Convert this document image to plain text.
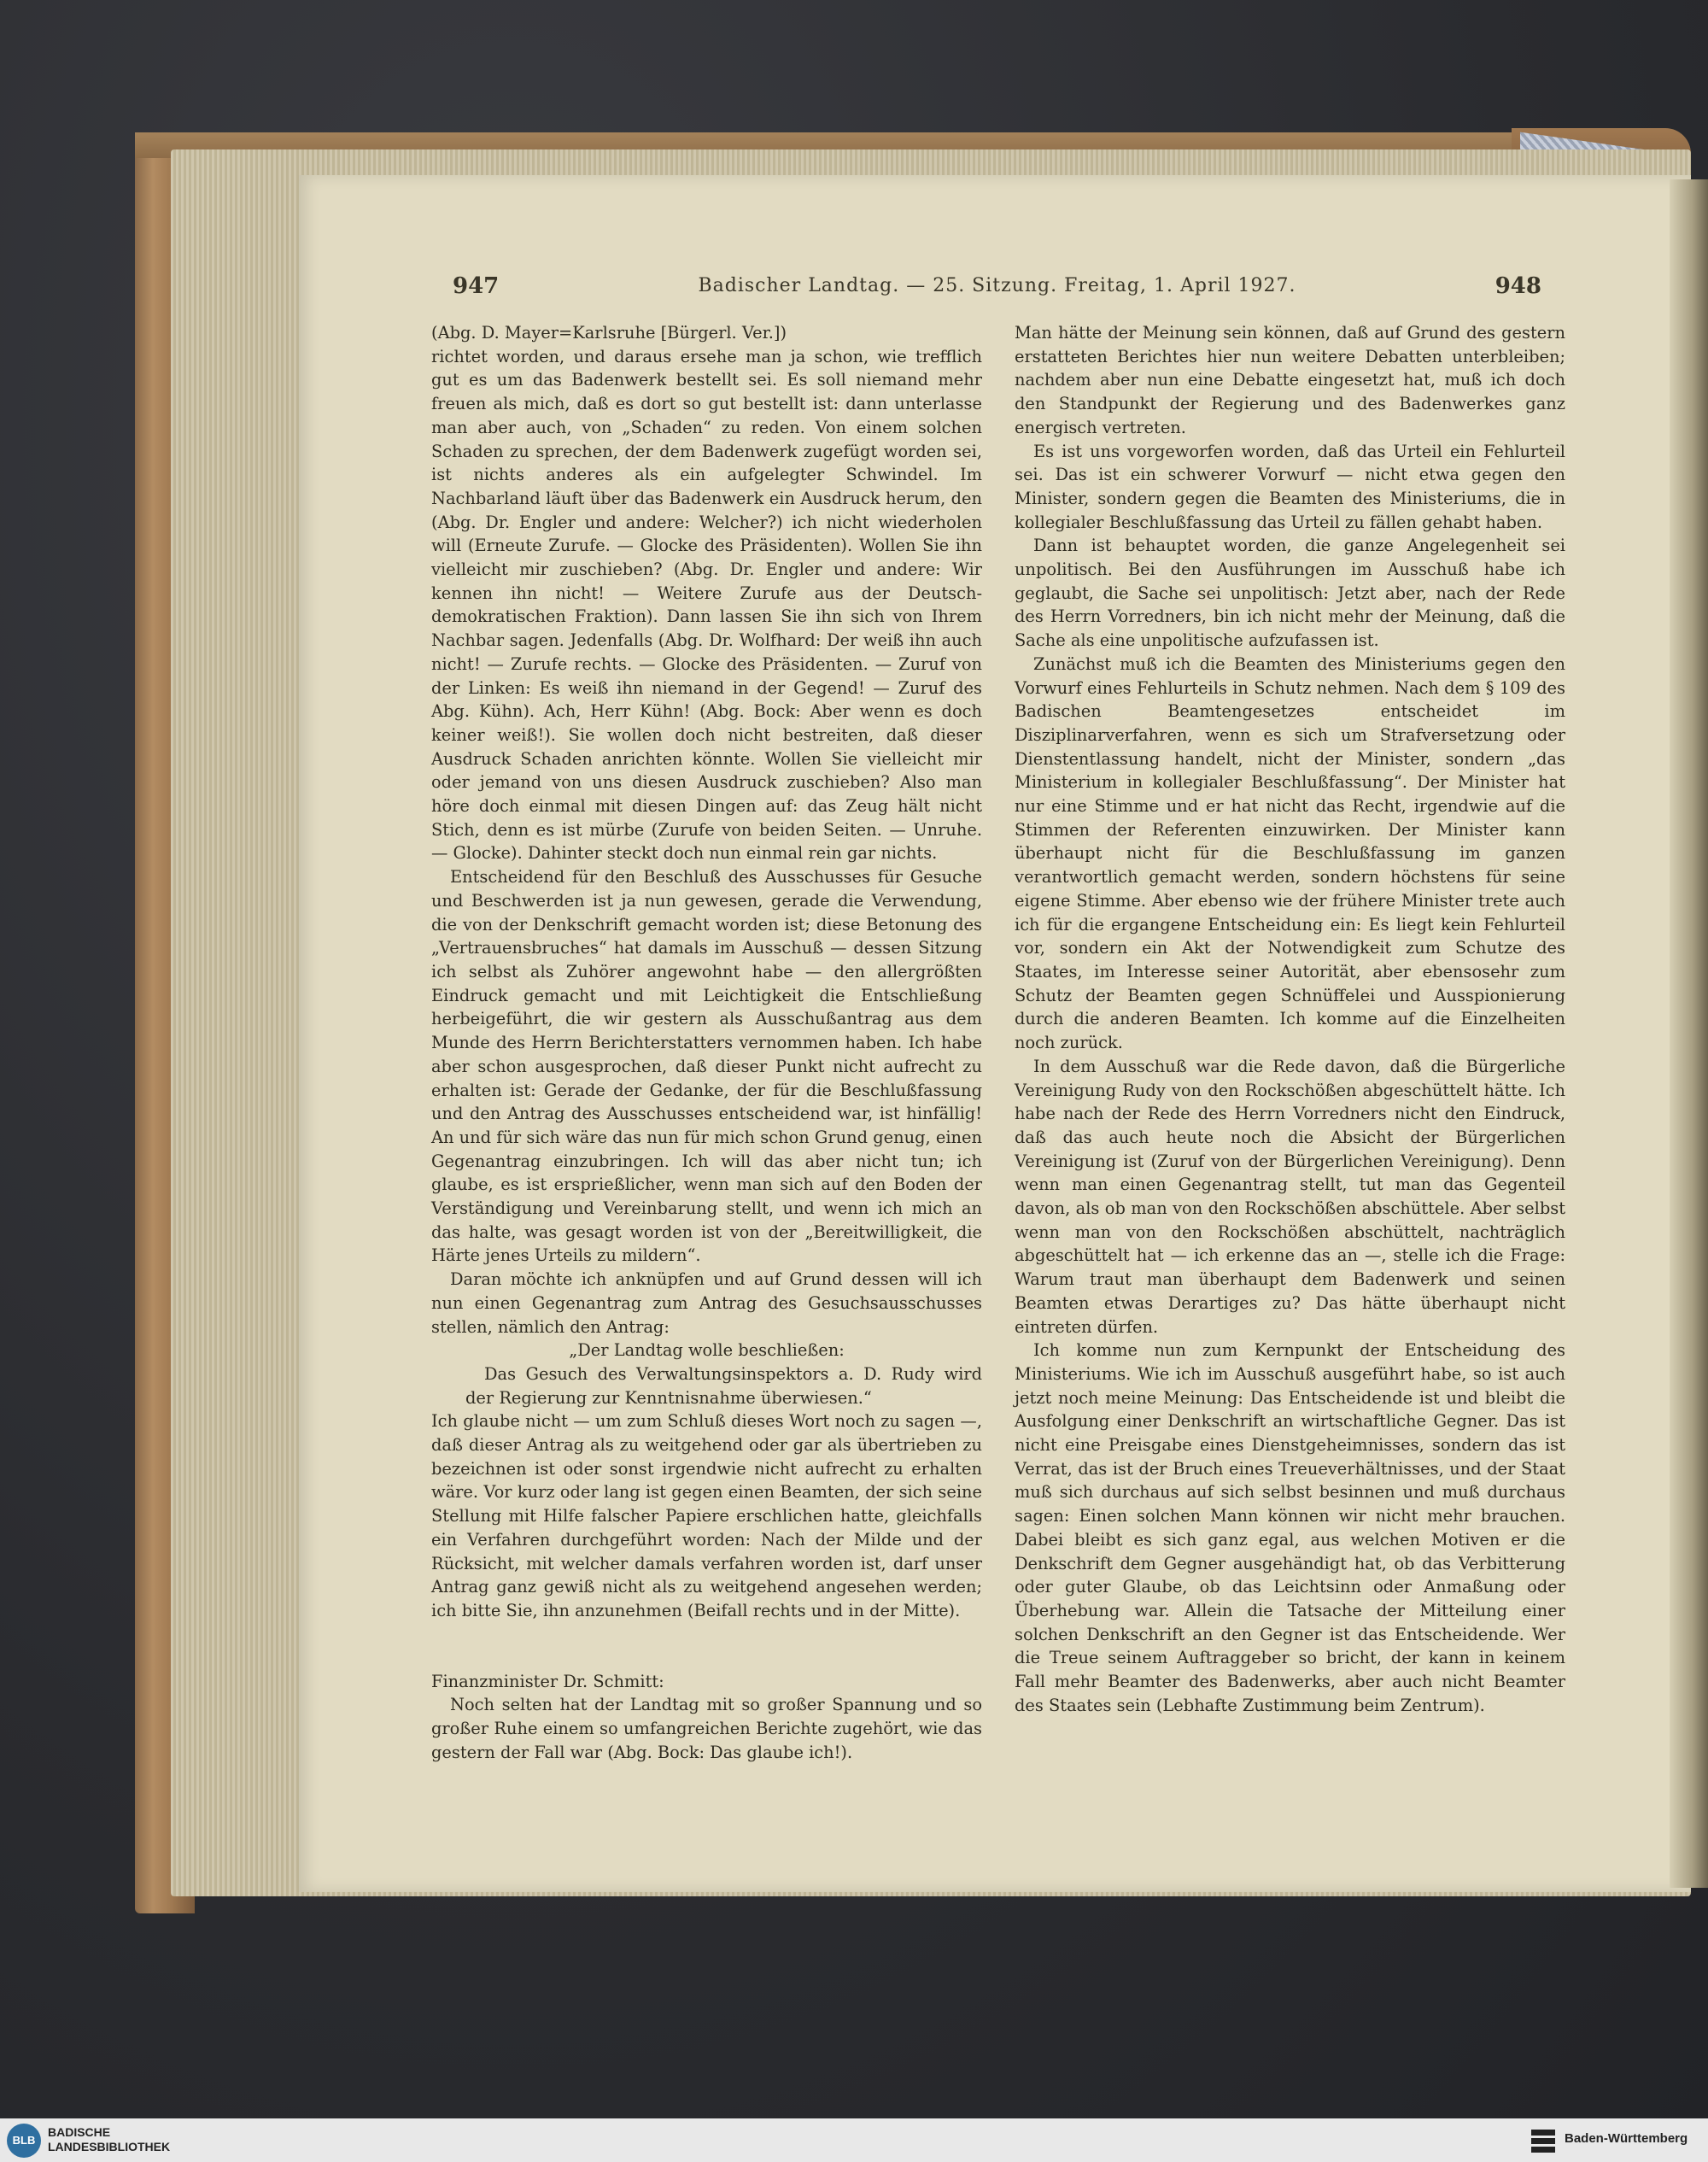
947	Badischer Landtag. — 25. Sitzung. Freitag, 1. April 1927.	948

(Abg. D. Mayer=Karlsruhe [Bürgerl. Ver.])

richtet worden, und daraus ersehe man ja schon, wie trefflich gut es um das Badenwerk bestellt sei. Es soll niemand mehr freuen als mich, daß es dort so gut bestellt ist: dann unterlasse man aber auch, von „Schaden“ zu reden. Von einem solchen Schaden zu sprechen, der dem Badenwerk zugefügt worden sei, ist nichts anderes als ein aufgelegter Schwindel. Im Nachbarland läuft über das Badenwerk ein Ausdruck herum, den (Abg. Dr. Engler und andere: Welcher?) ich nicht wiederholen will (Erneute Zurufe. — Glocke des Präsidenten). Wollen Sie ihn vielleicht mir zuschieben? (Abg. Dr. Engler und andere: Wir kennen ihn nicht! — Weitere Zurufe aus der Deutsch-demokratischen Fraktion). Dann lassen Sie ihn sich von Ihrem Nachbar sagen. Jedenfalls (Abg. Dr. Wolfhard: Der weiß ihn auch nicht! — Zurufe rechts. — Glocke des Präsidenten. — Zuruf von der Linken: Es weiß ihn niemand in der Gegend! — Zuruf des Abg. Kühn). Ach, Herr Kühn! (Abg. Bock: Aber wenn es doch keiner weiß!). Sie wollen doch nicht bestreiten, daß dieser Ausdruck Schaden anrichten könnte. Wollen Sie vielleicht mir oder jemand von uns diesen Ausdruck zuschieben? Also man höre doch einmal mit diesen Dingen auf: das Zeug hält nicht Stich, denn es ist mürbe (Zurufe von beiden Seiten. — Unruhe. — Glocke). Dahinter steckt doch nun einmal rein gar nichts.

Entscheidend für den Beschluß des Ausschusses für Gesuche und Beschwerden ist ja nun gewesen, gerade die Verwendung, die von der Denkschrift gemacht worden ist; diese Betonung des „Vertrauensbruches“ hat damals im Ausschuß — dessen Sitzung ich selbst als Zuhörer angewohnt habe — den allergrößten Eindruck gemacht und mit Leichtigkeit die Entschließung herbeigeführt, die wir gestern als Ausschußantrag aus dem Munde des Herrn Berichterstatters vernommen haben. Ich habe aber schon ausgesprochen, daß dieser Punkt nicht aufrecht zu erhalten ist: Gerade der Gedanke, der für die Beschlußfassung und den Antrag des Ausschusses entscheidend war, ist hinfällig! An und für sich wäre das nun für mich schon Grund genug, einen Gegenantrag einzubringen. Ich will das aber nicht tun; ich glaube, es ist ersprießlicher, wenn man sich auf den Boden der Verständigung und Vereinbarung stellt, und wenn ich mich an das halte, was gesagt worden ist von der „Bereitwilligkeit, die Härte jenes Urteils zu mildern“.

Daran möchte ich anknüpfen und auf Grund dessen will ich nun einen Gegenantrag zum Antrag des Gesuchsausschusses stellen, nämlich den Antrag:

„Der Landtag wolle beschließen:

Das Gesuch des Verwaltungsinspektors a. D. Rudy wird der Regierung zur Kenntnisnahme überwiesen.“

Ich glaube nicht — um zum Schluß dieses Wort noch zu sagen —, daß dieser Antrag als zu weitgehend oder gar als übertrieben zu bezeichnen ist oder sonst irgendwie nicht aufrecht zu erhalten wäre. Vor kurz oder lang ist gegen einen Beamten, der sich seine Stellung mit Hilfe falscher Papiere erschlichen hatte, gleichfalls ein Verfahren durchgeführt worden: Nach der Milde und der Rücksicht, mit welcher damals verfahren worden ist, darf unser Antrag ganz gewiß nicht als zu weitgehend angesehen werden; ich bitte Sie, ihn anzunehmen (Beifall rechts und in der Mitte).

Finanzminister Dr. Schmitt:

Noch selten hat der Landtag mit so großer Spannung und so großer Ruhe einem so umfangreichen Berichte zugehört, wie das gestern der Fall war (Abg. Bock: Das glaube ich!).

Man hätte der Meinung sein können, daß auf Grund des gestern erstatteten Berichtes hier nun weitere Debatten unterbleiben; nachdem aber nun eine Debatte eingesetzt hat, muß ich doch den Standpunkt der Regierung und des Badenwerkes ganz energisch vertreten.

Es ist uns vorgeworfen worden, daß das Urteil ein Fehlurteil sei. Das ist ein schwerer Vorwurf — nicht etwa gegen den Minister, sondern gegen die Beamten des Ministeriums, die in kollegialer Beschlußfassung das Urteil zu fällen gehabt haben.

Dann ist behauptet worden, die ganze Angelegenheit sei unpolitisch. Bei den Ausführungen im Ausschuß habe ich geglaubt, die Sache sei unpolitisch: Jetzt aber, nach der Rede des Herrn Vorredners, bin ich nicht mehr der Meinung, daß die Sache als eine unpolitische aufzufassen ist.

Zunächst muß ich die Beamten des Ministeriums gegen den Vorwurf eines Fehlurteils in Schutz nehmen. Nach dem § 109 des Badischen Beamtengesetzes entscheidet im Disziplinarverfahren, wenn es sich um Strafversetzung oder Dienstentlassung handelt, nicht der Minister, sondern „das Ministerium in kollegialer Beschlußfassung“. Der Minister hat nur eine Stimme und er hat nicht das Recht, irgendwie auf die Stimmen der Referenten einzuwirken. Der Minister kann überhaupt nicht für die Beschlußfassung im ganzen verantwortlich gemacht werden, sondern höchstens für seine eigene Stimme. Aber ebenso wie der frühere Minister trete auch ich für die ergangene Entscheidung ein: Es liegt kein Fehlurteil vor, sondern ein Akt der Notwendigkeit zum Schutze des Staates, im Interesse seiner Autorität, aber ebensosehr zum Schutz der Beamten gegen Schnüffelei und Ausspionierung durch die anderen Beamten. Ich komme auf die Einzelheiten noch zurück.

In dem Ausschuß war die Rede davon, daß die Bürgerliche Vereinigung Rudy von den Rockschößen abgeschüttelt hätte. Ich habe nach der Rede des Herrn Vorredners nicht den Eindruck, daß das auch heute noch die Absicht der Bürgerlichen Vereinigung ist (Zuruf von der Bürgerlichen Vereinigung). Denn wenn man einen Gegenantrag stellt, tut man das Gegenteil davon, als ob man von den Rockschößen abschüttele. Aber selbst wenn man von den Rockschößen abschüttelt, nachträglich abgeschüttelt hat — ich erkenne das an —, stelle ich die Frage: Warum traut man überhaupt dem Badenwerk und seinen Beamten etwas Derartiges zu? Das hätte überhaupt nicht eintreten dürfen.

Ich komme nun zum Kernpunkt der Entscheidung des Ministeriums. Wie ich im Ausschuß ausgeführt habe, so ist auch jetzt noch meine Meinung: Das Entscheidende ist und bleibt die Ausfolgung einer Denkschrift an wirtschaftliche Gegner. Das ist nicht eine Preisgabe eines Dienstgeheimnisses, sondern das ist Verrat, das ist der Bruch eines Treueverhältnisses, und der Staat muß sich durchaus auf sich selbst besinnen und muß durchaus sagen: Einen solchen Mann können wir nicht mehr brauchen. Dabei bleibt es sich ganz egal, aus welchen Motiven er die Denkschrift dem Gegner ausgehändigt hat, ob das Verbitterung oder guter Glaube, ob das Leichtsinn oder Anmaßung oder Überhebung war. Allein die Tatsache der Mitteilung einer solchen Denkschrift an den Gegner ist das Entscheidende. Wer die Treue seinem Auftraggeber so bricht, der kann in keinem Fall mehr Beamter des Badenwerks, aber auch nicht Beamter des Staates sein (Lebhafte Zustimmung beim Zentrum).

BLB
BADISCHE
LANDESBIBLIOTHEK
Baden-Württemberg
